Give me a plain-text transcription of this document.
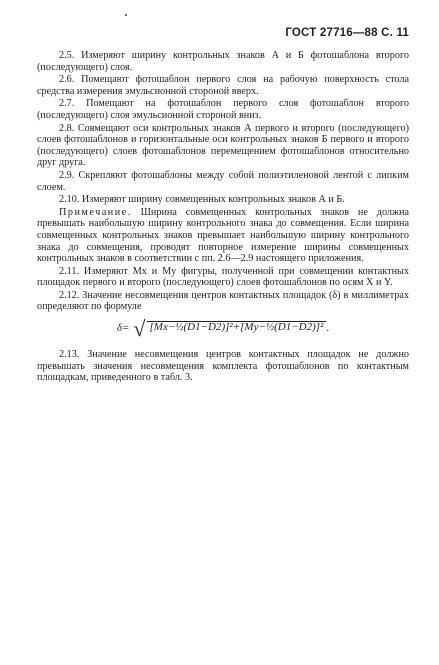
ГОСТ 27716—88 С. 11

2.5. Измеряют ширину контрольных знаков А и Б фотошаблона второго (последующего) слоя.

2.6. Помещают фотошаблон первого слоя на рабочую поверхность стола средства измерения эмульсионной стороной вверх.

2.7. Помещают на фотошаблон первого слоя фотошаблон второго (последующего) слоя эмульсионной стороной вниз.

2.8. Совмещают оси контрольных знаков А первого и второго (последующего) слоев фотошаблонов и горизонтальные оси контрольных знаков Б первого и второго (последующего) слоев фотошаблонов перемещением фотошаблонов относительно друг друга.

2.9. Скрепляют фотошаблоны между собой полиэтиленовой лентой с липким слоем.

2.10. Измеряют ширину совмещенных контрольных знаков А и Б.

Примечание. Ширина совмещенных контрольных знаков не должна превышать наибольшую ширину контрольного знака до совмещения. Если ширина совмещенных контрольных знаков превышает наибольшую ширину контрольного знака до совмещения, проводят повторное измерение ширины совмещенных контрольных знаков в соответствии с пп. 2.6—2.9 настоящего приложения.

2.11. Измеряют Mx и My фигуры, полученной при совмещении контактных площадок первого и второго (последующего) слоев фотошаблонов по осям X и Y.

2.12. Значение несовмещения центров контактных площадок (δ) в миллиметрах определяют по формуле

δ= √ [Mx−½(D1−D2)]²+[My−½(D1−D2)]² .

2.13. Значение несовмещения центров контактных площадок не должно превышать значения несовмещения комплекта фотошаблонов по контактным площадкам, приведенного в табл. 3.
